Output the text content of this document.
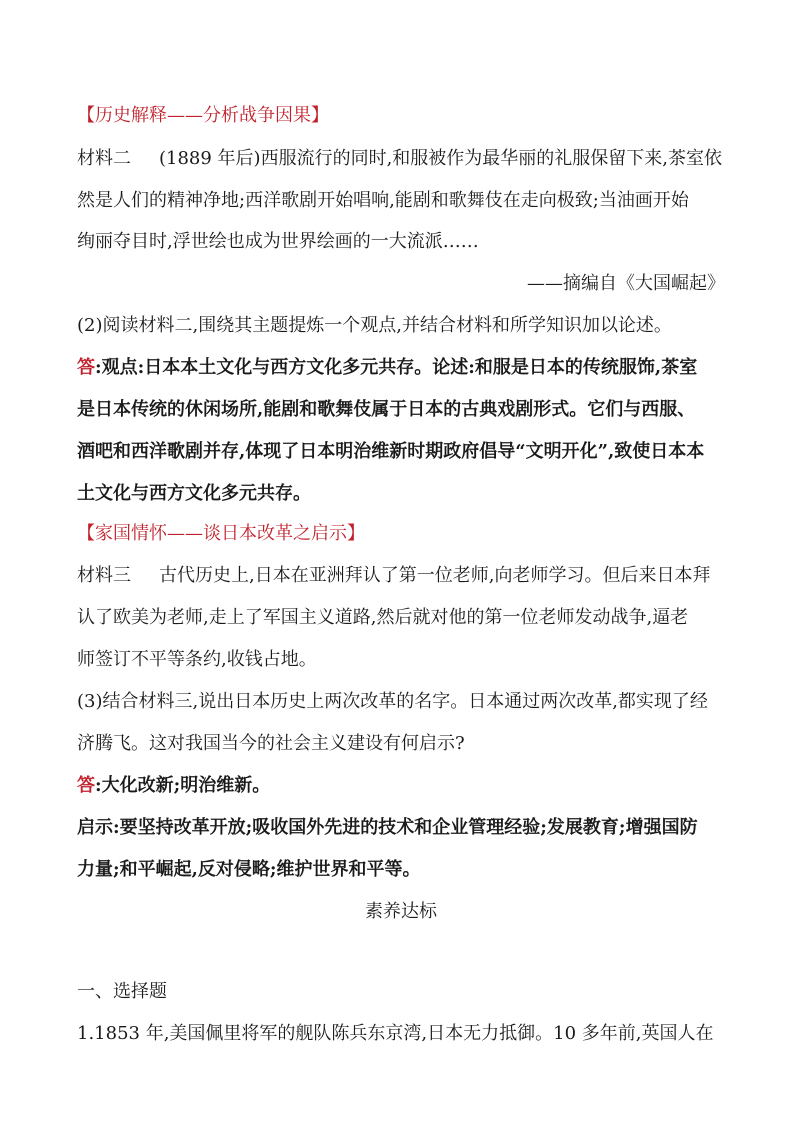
【历史解释——分析战争因果】
材料二 (1889 年后)西服流行的同时,和服被作为最华丽的礼服保留下来,茶室依
然是人们的精神净地;西洋歌剧开始唱响,能剧和歌舞伎在走向极致;当油画开始
绚丽夺目时,浮世绘也成为世界绘画的一大流派……
——摘编自《大国崛起》
(2)阅读材料二,围绕其主题提炼一个观点,并结合材料和所学知识加以论述。
答:观点:日本本土文化与西方文化多元共存。论述:和服是日本的传统服饰,茶室
是日本传统的休闲场所,能剧和歌舞伎属于日本的古典戏剧形式。它们与西服、
酒吧和西洋歌剧并存,体现了日本明治维新时期政府倡导“文明开化”,致使日本本
土文化与西方文化多元共存。
【家国情怀——谈日本改革之启示】
材料三 古代历史上,日本在亚洲拜认了第一位老师,向老师学习。但后来日本拜
认了欧美为老师,走上了军国主义道路,然后就对他的第一位老师发动战争,逼老
师签订不平等条约,收钱占地。
(3)结合材料三,说出日本历史上两次改革的名字。日本通过两次改革,都实现了经
济腾飞。这对我国当今的社会主义建设有何启示?
答:大化改新;明治维新。
启示:要坚持改革开放;吸收国外先进的技术和企业管理经验;发展教育;增强国防
力量;和平崛起,反对侵略;维护世界和平等。
素养达标
一、选择题
1.1853 年,美国佩里将军的舰队陈兵东京湾,日本无力抵御。10 多年前,英国人在
